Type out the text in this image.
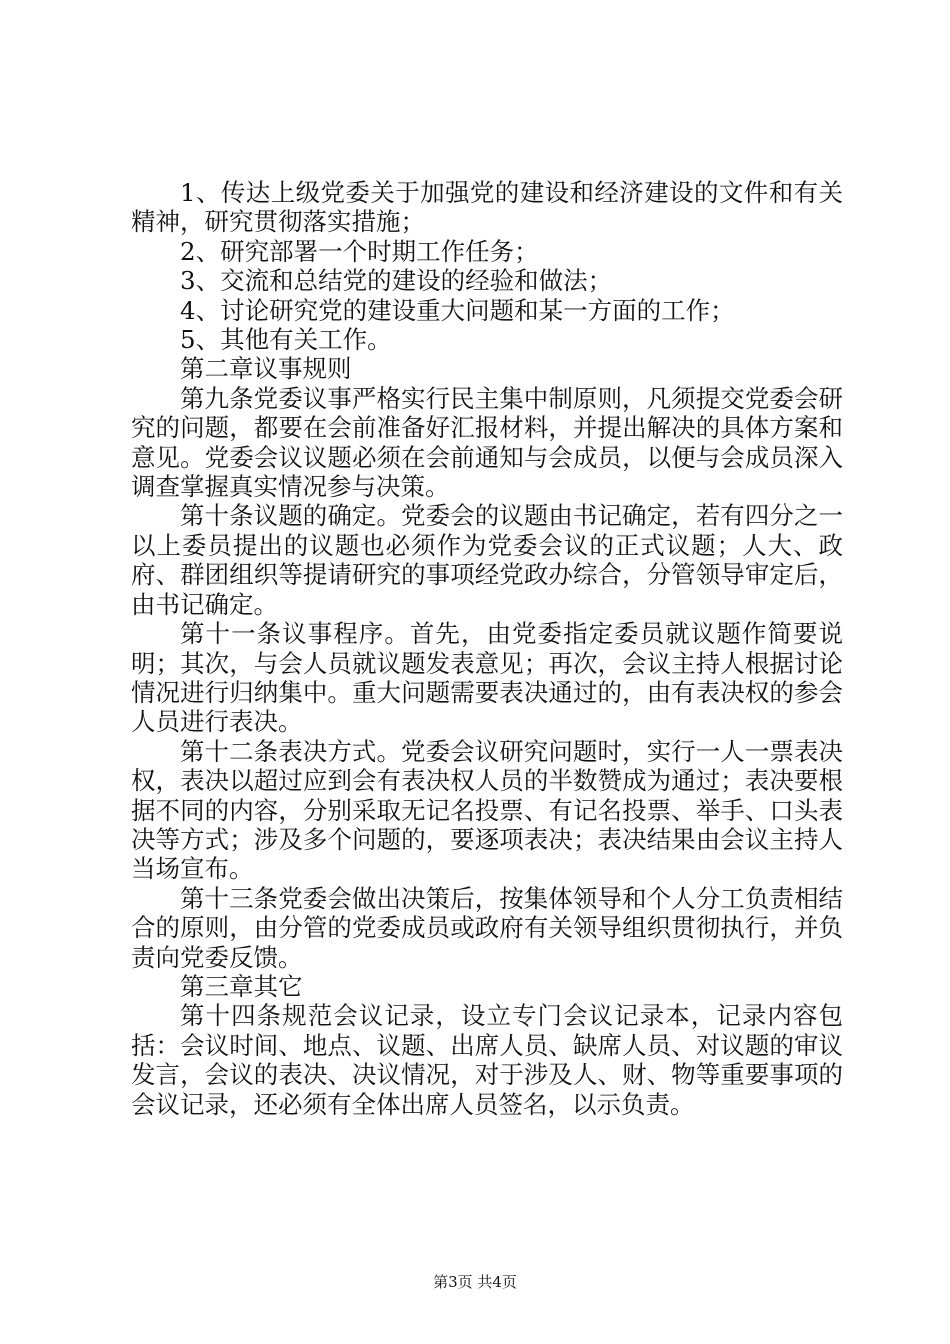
1、传达上级党委关于加强党的建设和经济建设的文件和有关精神，研究贯彻落实措施；

2、研究部署一个时期工作任务；

3、交流和总结党的建设的经验和做法；

4、讨论研究党的建设重大问题和某一方面的工作；

5、其他有关工作。

第二章议事规则

第九条党委议事严格实行民主集中制原则，凡须提交党委会研究的问题，都要在会前准备好汇报材料，并提出解决的具体方案和意见。党委会议议题必须在会前通知与会成员，以便与会成员深入调查掌握真实情况参与决策。

第十条议题的确定。党委会的议题由书记确定，若有四分之一以上委员提出的议题也必须作为党委会议的正式议题；人大、政府、群团组织等提请研究的事项经党政办综合，分管领导审定后，由书记确定。

第十一条议事程序。首先，由党委指定委员就议题作简要说明；其次，与会人员就议题发表意见；再次，会议主持人根据讨论情况进行归纳集中。重大问题需要表决通过的，由有表决权的参会人员进行表决。

第十二条表决方式。党委会议研究问题时，实行一人一票表决权，表决以超过应到会有表决权人员的半数赞成为通过；表决要根据不同的内容，分别采取无记名投票、有记名投票、举手、口头表决等方式；涉及多个问题的，要逐项表决；表决结果由会议主持人当场宣布。

第十三条党委会做出决策后，按集体领导和个人分工负责相结合的原则，由分管的党委成员或政府有关领导组织贯彻执行，并负责向党委反馈。

第三章其它

第十四条规范会议记录，设立专门会议记录本，记录内容包括：会议时间、地点、议题、出席人员、缺席人员、对议题的审议发言，会议的表决、决议情况，对于涉及人、财、物等重要事项的会议记录，还必须有全体出席人员签名，以示负责。

第3页 共4页
